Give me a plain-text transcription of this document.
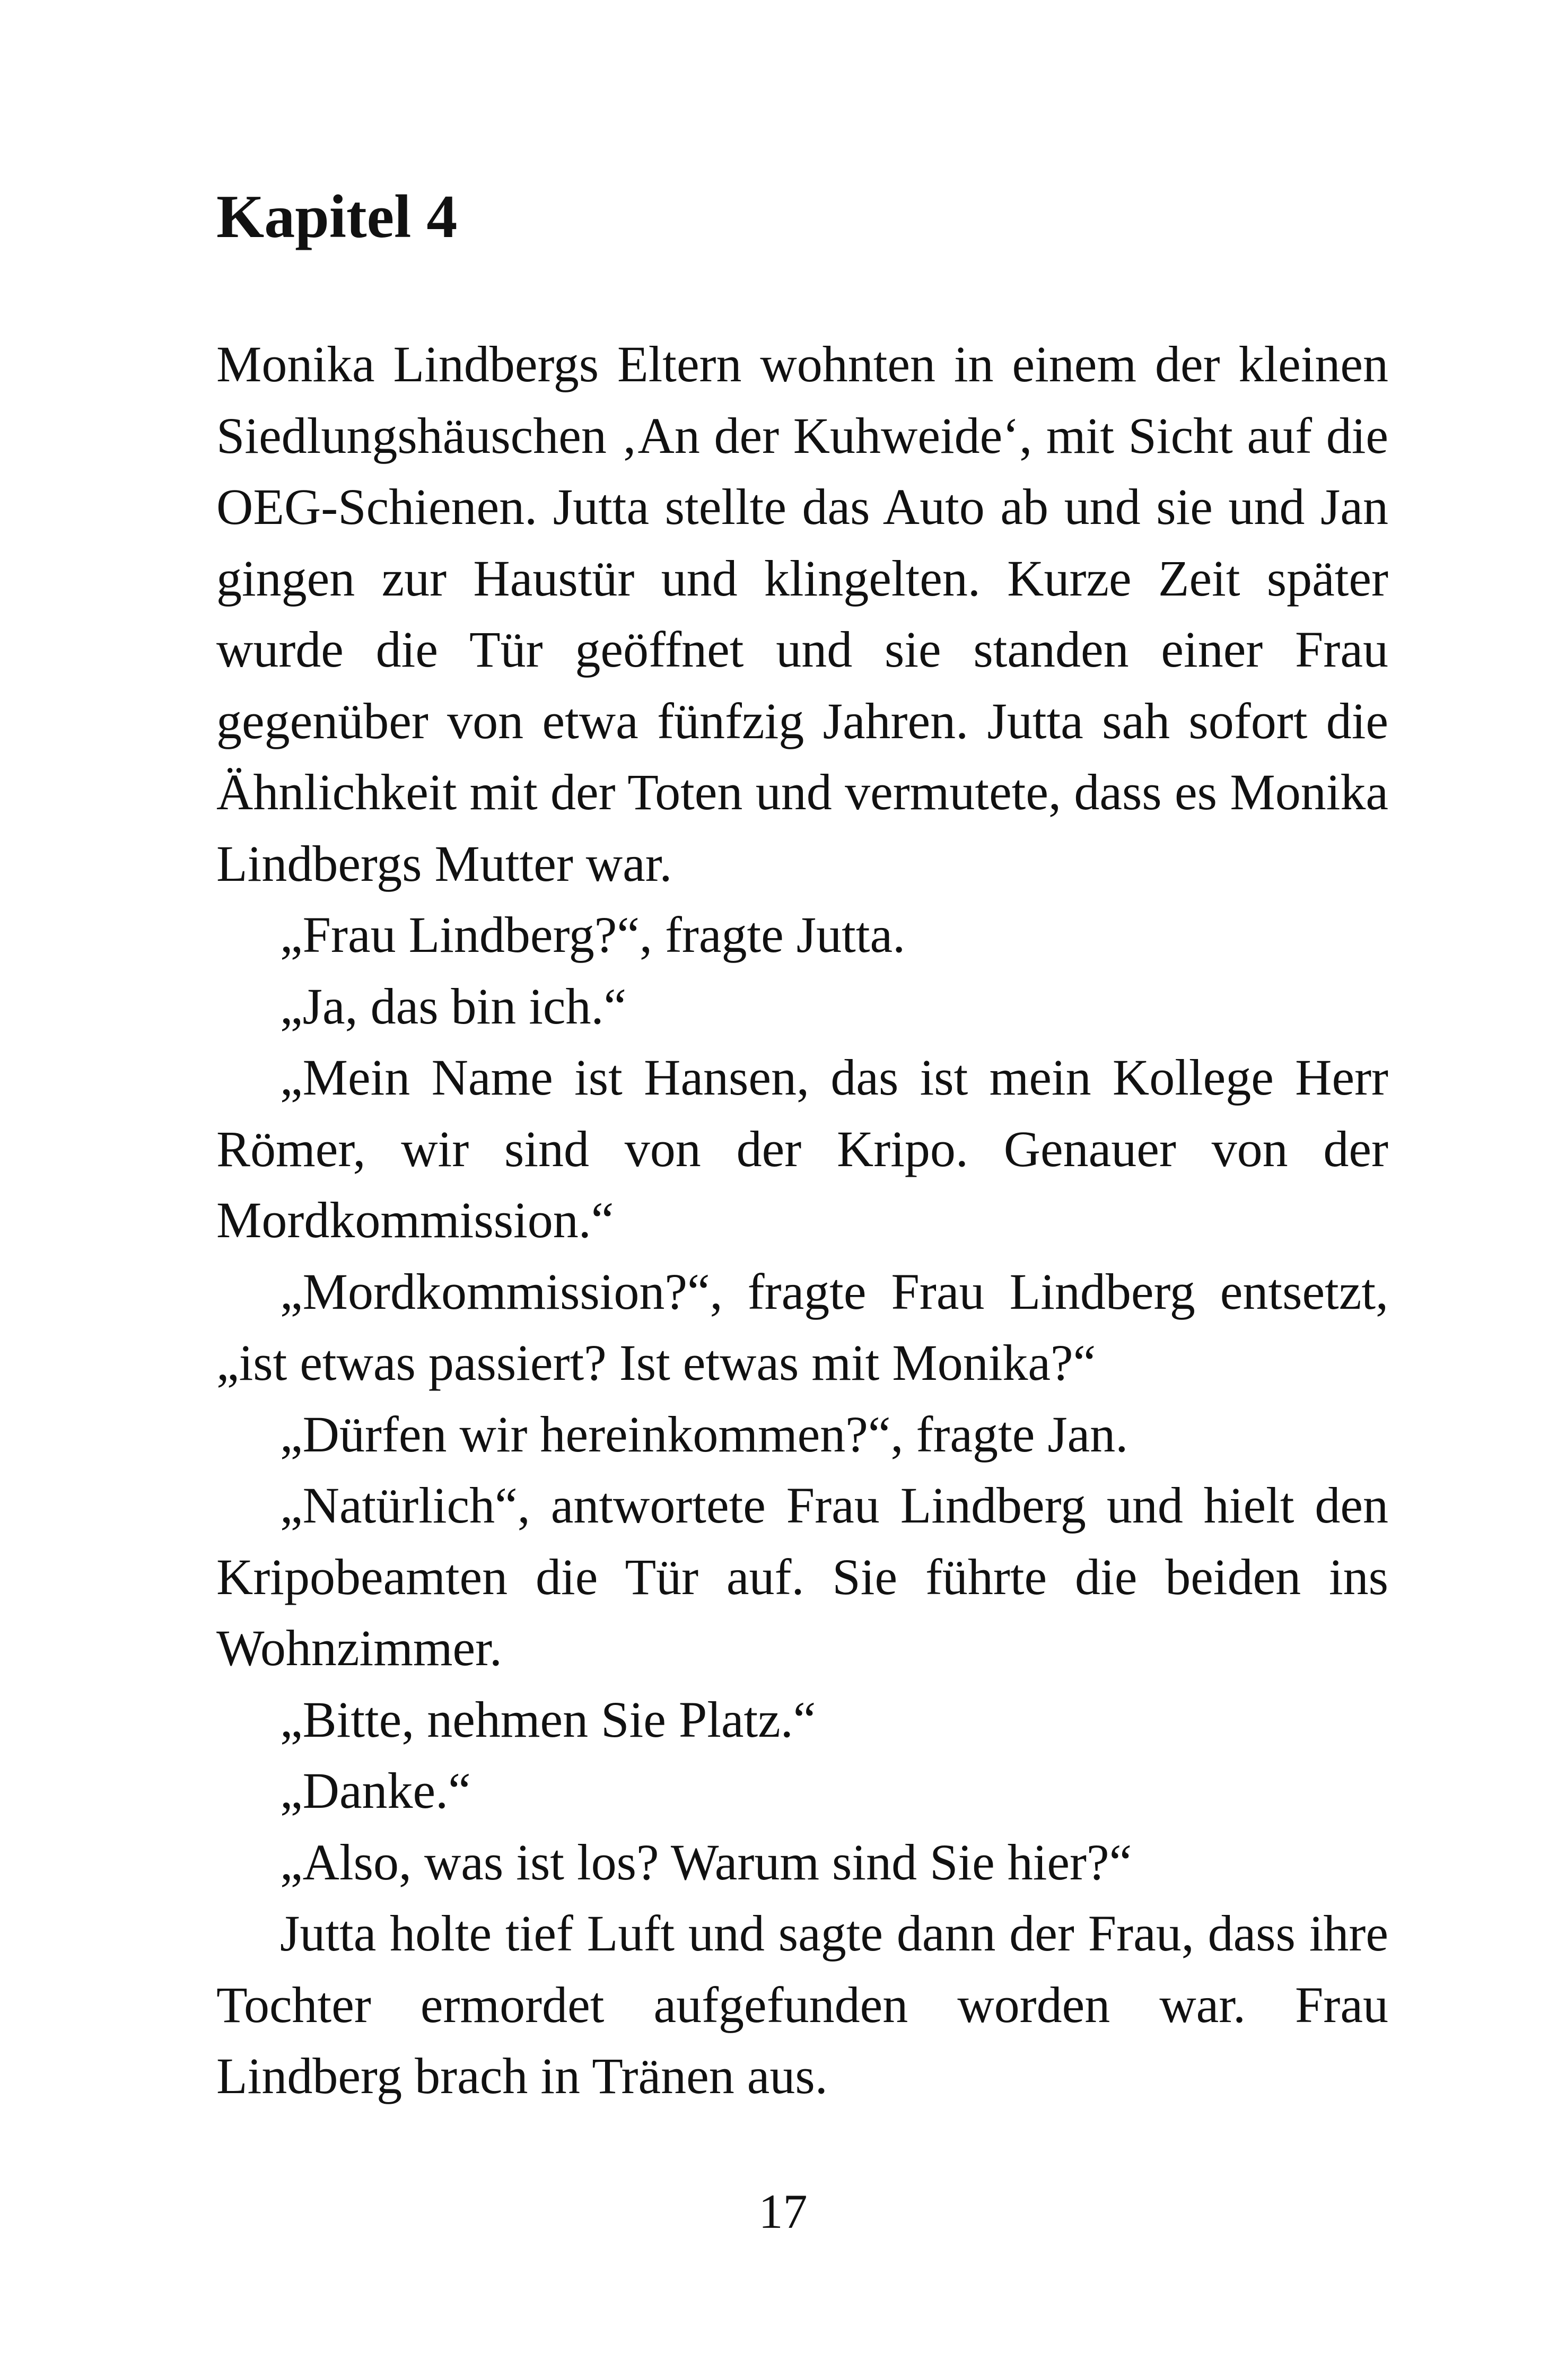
Kapitel 4

Monika Lindbergs Eltern wohnten in einem der kleinen Siedlungshäuschen ‚An der Kuhweide‘, mit Sicht auf die OEG-Schienen. Jutta stellte das Auto ab und sie und Jan gingen zur Haustür und klingelten. Kurze Zeit später wurde die Tür geöffnet und sie standen einer Frau gegenüber von etwa fünfzig Jahren. Jutta sah sofort die Ähnlichkeit mit der Toten und vermutete, dass es Monika Lindbergs Mutter war.

„Frau Lindberg?“, fragte Jutta.

„Ja, das bin ich.“

„Mein Name ist Hansen, das ist mein Kollege Herr Römer, wir sind von der Kripo. Genauer von der Mordkommission.“

„Mordkommission?“, fragte Frau Lindberg entsetzt, „ist etwas passiert? Ist etwas mit Monika?“

„Dürfen wir hereinkommen?“, fragte Jan.

„Natürlich“, antwortete Frau Lindberg und hielt den Kripobeamten die Tür auf. Sie führte die beiden ins Wohnzimmer.

„Bitte, nehmen Sie Platz.“

„Danke.“

„Also, was ist los? Warum sind Sie hier?“

Jutta holte tief Luft und sagte dann der Frau, dass ihre Tochter ermordet aufgefunden worden war. Frau Lindberg brach in Tränen aus.

17
